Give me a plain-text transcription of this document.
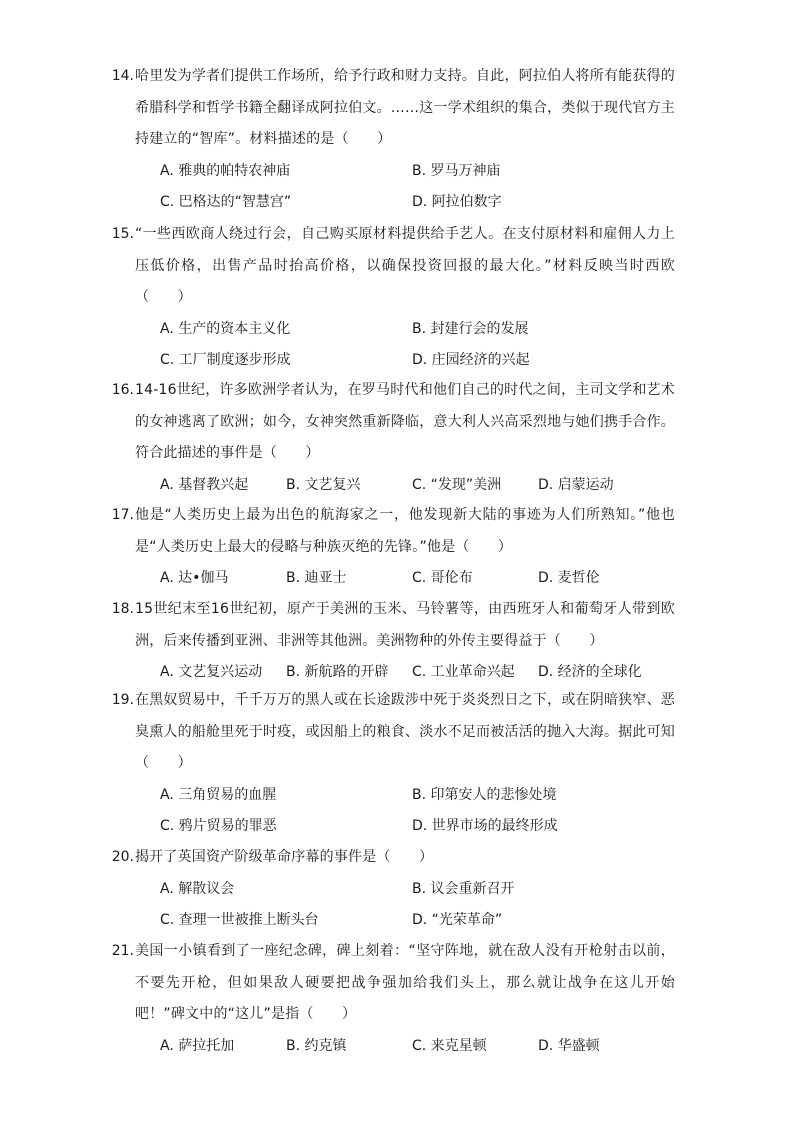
14. 哈里发为学者们提供工作场所，给予行政和财力支持。自此，阿拉伯人将所有能获得的希腊科学和哲学书籍全翻译成阿拉伯文。……这一学术组织的集合，类似于现代官方主持建立的“智库”。材料描述的是（　　）
A. 雅典的帕特农神庙	B. 罗马万神庙
C. 巴格达的“智慧宫”	D. 阿拉伯数字
15. “一些西欧商人绕过行会，自己购买原材料提供给手艺人。在支付原材料和雇佣人力上压低价格，出售产品时抬高价格，以确保投资回报的最大化。”材料反映当时西欧（　　）
A. 生产的资本主义化	B. 封建行会的发展
C. 工厂制度逐步形成	D. 庄园经济的兴起
16. 14-16世纪，许多欧洲学者认为，在罗马时代和他们自己的时代之间，主司文学和艺术的女神逃离了欧洲；如今，女神突然重新降临，意大利人兴高采烈地与她们携手合作。符合此描述的事件是（　　）
A. 基督教兴起	B. 文艺复兴	C. “发现”美洲	D. 启蒙运动
17. 他是“人类历史上最为出色的航海家之一，他发现新大陆的事迹为人们所熟知。”他也是“人类历史上最大的侵略与种族灭绝的先锋。”他是（　　）
A. 达•伽马	B. 迪亚士	C. 哥伦布	D. 麦哲伦
18. 15世纪末至16世纪初，原产于美洲的玉米、马铃薯等，由西班牙人和葡萄牙人带到欧洲，后来传播到亚洲、非洲等其他洲。美洲物种的外传主要得益于（　　）
A. 文艺复兴运动 B. 新航路的开辟 C. 工业革命兴起 D. 经济的全球化
19. 在黑奴贸易中，千千万万的黑人或在长途跋涉中死于炎炎烈日之下，或在阴暗狭窄、恶臭熏人的船舱里死于时疫，或因船上的粮食、淡水不足而被活活的抛入大海。据此可知（　　）
A. 三角贸易的血腥	B. 印第安人的悲惨处境
C. 鸦片贸易的罪恶	D. 世界市场的最终形成
20. 揭开了英国资产阶级革命序幕的事件是（　　）
A. 解散议会	B. 议会重新召开
C. 查理一世被推上断头台	D. “光荣革命”
21. 美国一小镇看到了一座纪念碑，碑上刻着：“坚守阵地，就在敌人没有开枪射击以前，不要先开枪，但如果敌人硬要把战争强加给我们头上，那么就让战争在这儿开始吧！”碑文中的“这儿”是指（　　）
A. 萨拉托加	B. 约克镇	C. 来克星顿	D. 华盛顿
